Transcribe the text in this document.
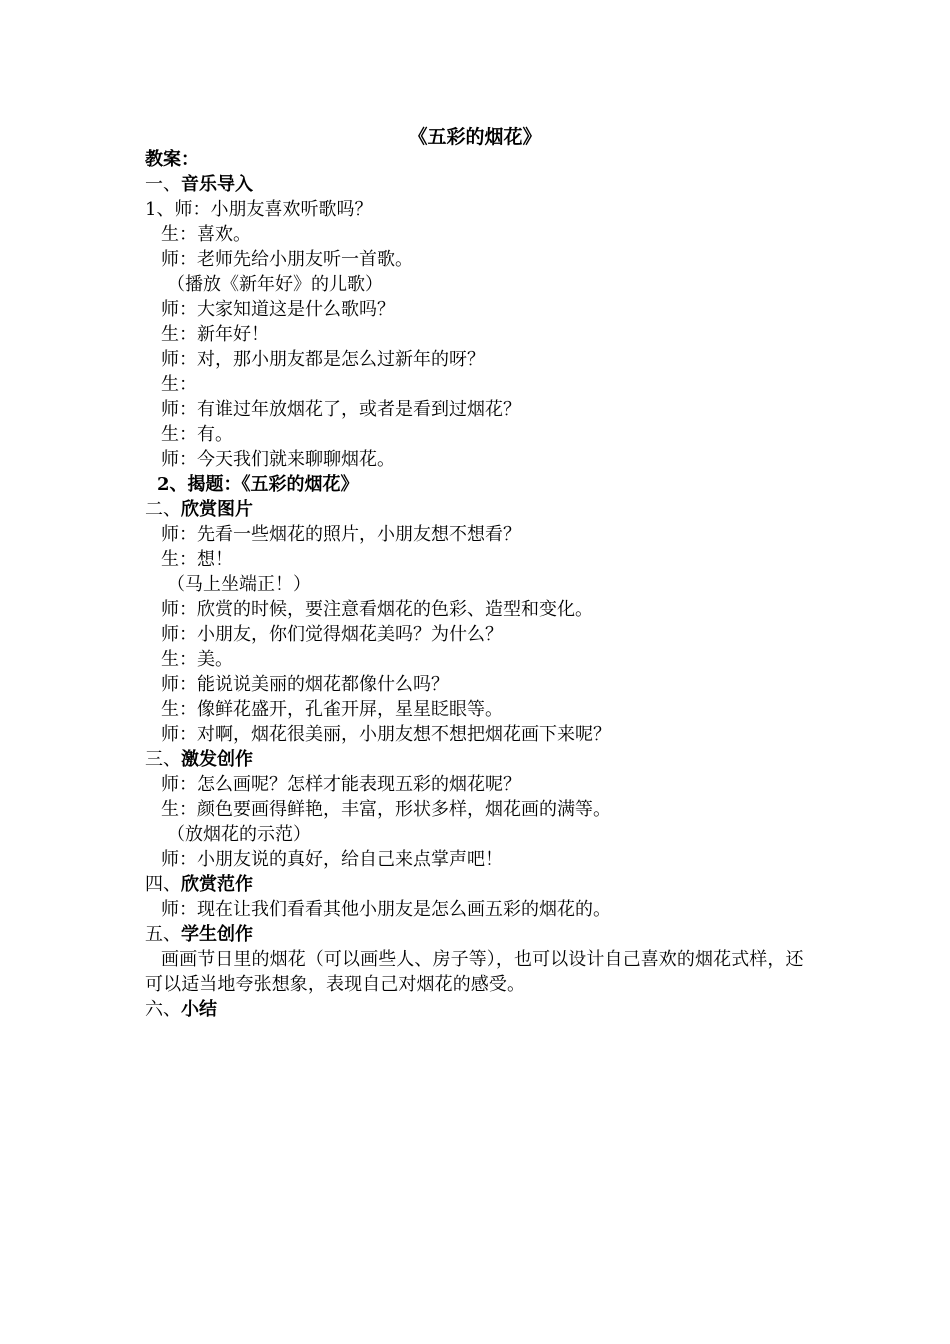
《五彩的烟花》
教案：
一、音乐导入
1、师：小朋友喜欢听歌吗？
生：喜欢。
师：老师先给小朋友听一首歌。
（播放《新年好》的儿歌）
师：大家知道这是什么歌吗？
生：新年好！
师：对，那小朋友都是怎么过新年的呀？
生：
师：有谁过年放烟花了，或者是看到过烟花？
生：有。
师：今天我们就来聊聊烟花。
2、揭题：《五彩的烟花》
二、欣赏图片
师：先看一些烟花的照片，小朋友想不想看？
生：想！
（马上坐端正！）
师：欣赏的时候，要注意看烟花的色彩、造型和变化。
师：小朋友，你们觉得烟花美吗？为什么？
生：美。
师：能说说美丽的烟花都像什么吗？
生：像鲜花盛开，孔雀开屏，星星眨眼等。
师：对啊，烟花很美丽，小朋友想不想把烟花画下来呢？
三、激发创作
师：怎么画呢？怎样才能表现五彩的烟花呢？
生：颜色要画得鲜艳，丰富，形状多样，烟花画的满等。
（放烟花的示范）
师：小朋友说的真好，给自己来点掌声吧！
四、欣赏范作
师：现在让我们看看其他小朋友是怎么画五彩的烟花的。
五、学生创作
画画节日里的烟花（可以画些人、房子等），也可以设计自己喜欢的烟花式样，还可以适当地夸张想象，表现自己对烟花的感受。
六、小结
